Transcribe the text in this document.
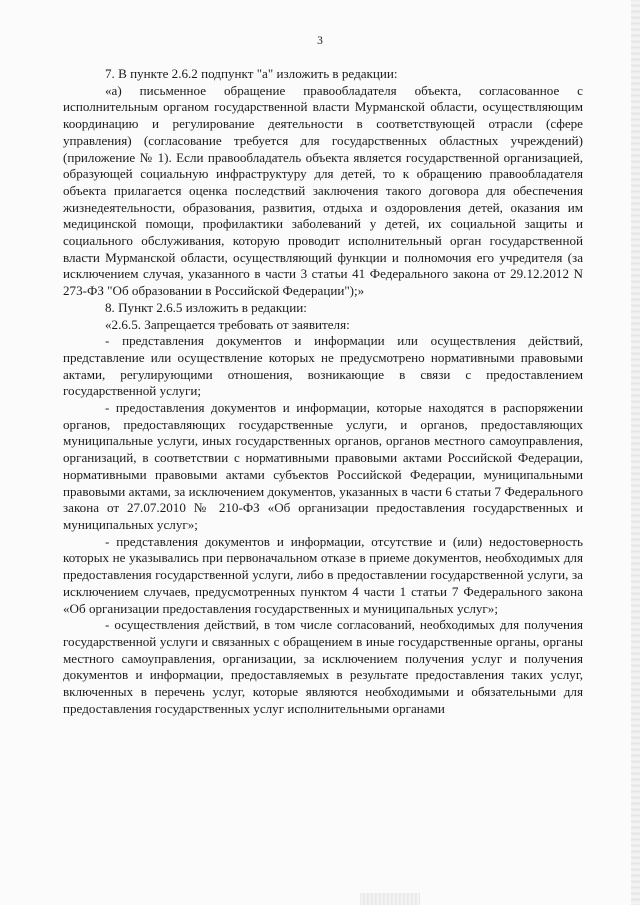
3

7. В пункте 2.6.2 подпункт "а" изложить в редакции:

«а) письменное обращение правообладателя объекта, согласованное с исполнительным органом государственной власти Мурманской области, осуществляющим координацию и регулирование деятельности в соответствующей отрасли (сфере управления) (согласование требуется для государственных областных учреждений) (приложение № 1). Если правообладатель объекта является государственной организацией, образующей социальную инфраструктуру для детей, то к обращению правообладателя объекта прилагается оценка последствий заключения такого договора для обеспечения жизнедеятельности, образования, развития, отдыха и оздоровления детей, оказания им медицинской помощи, профилактики заболеваний у детей, их социальной защиты и социального обслуживания, которую проводит исполнительный орган государственной власти Мурманской области, осуществляющий функции и полномочия его учредителя (за исключением случая, указанного в части 3 статьи 41 Федерального закона от 29.12.2012 N 273-ФЗ "Об образовании в Российской Федерации");»

8. Пункт 2.6.5 изложить в редакции:

«2.6.5. Запрещается требовать от заявителя:

- представления документов и информации или осуществления действий, представление или осуществление которых не предусмотрено нормативными правовыми актами, регулирующими отношения, возникающие в связи с предоставлением государственной услуги;

- предоставления документов и информации, которые находятся в распоряжении органов, предоставляющих государственные услуги, и органов, предоставляющих муниципальные услуги, иных государственных органов, органов местного самоуправления, организаций, в соответствии с нормативными правовыми актами Российской Федерации, нормативными правовыми актами субъектов Российской Федерации, муниципальными правовыми актами, за исключением документов, указанных в части 6 статьи 7 Федерального закона от 27.07.2010 № 210-ФЗ «Об организации предоставления государственных и муниципальных услуг»;

- представления документов и информации, отсутствие и (или) недостоверность которых не указывались при первоначальном отказе в приеме документов, необходимых для предоставления государственной услуги, либо в предоставлении государственной услуги, за исключением случаев, предусмотренных пунктом 4 части 1 статьи 7 Федерального закона «Об организации предоставления государственных и муниципальных услуг»;

- осуществления действий, в том числе согласований, необходимых для получения государственной услуги и связанных с обращением в иные государственные органы, органы местного самоуправления, организации, за исключением получения услуг и получения документов и информации, предоставляемых в результате предоставления таких услуг, включенных в перечень услуг, которые являются необходимыми и обязательными для предоставления государственных услуг исполнительными органами
